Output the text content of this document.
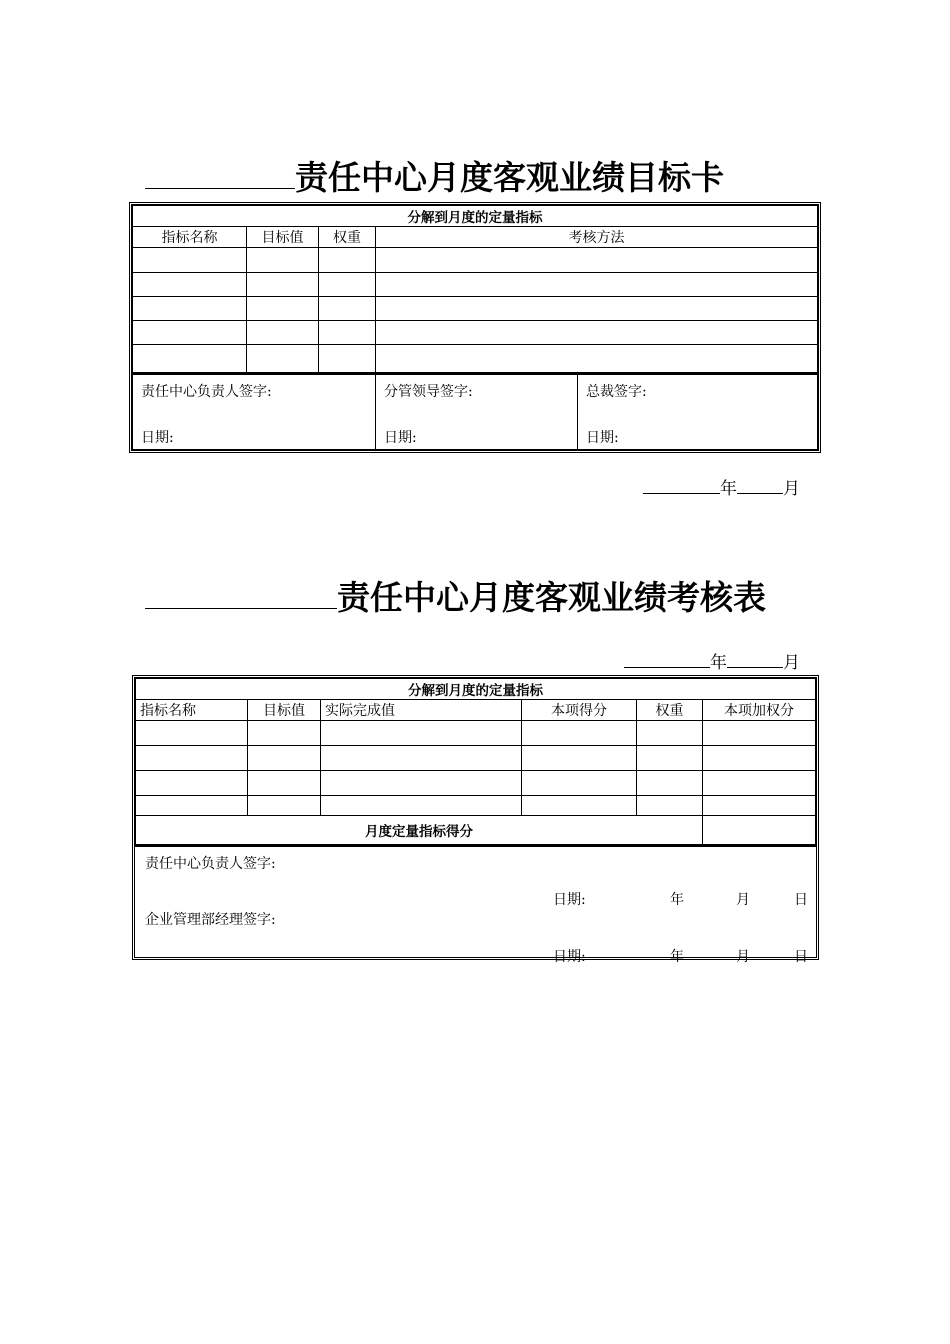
责任中心月度客观业绩目标卡
分解到月度的定量指标			
指标名称	目标值	权重	考核方法

责任中心负责人签字:
日期:

分管领导签字:
日期:

总裁签字:
日期:
年	月
责任中心月度客观业绩考核表
年	月
分解到月度的定量指标					
指标名称	目标值	实际完成值	本项得分	权重	本项加权分

月度定量指标得分					
责任中心负责人签字:
日期:	年	月	日
企业管理部经理签字:
日期:	年	月	日
